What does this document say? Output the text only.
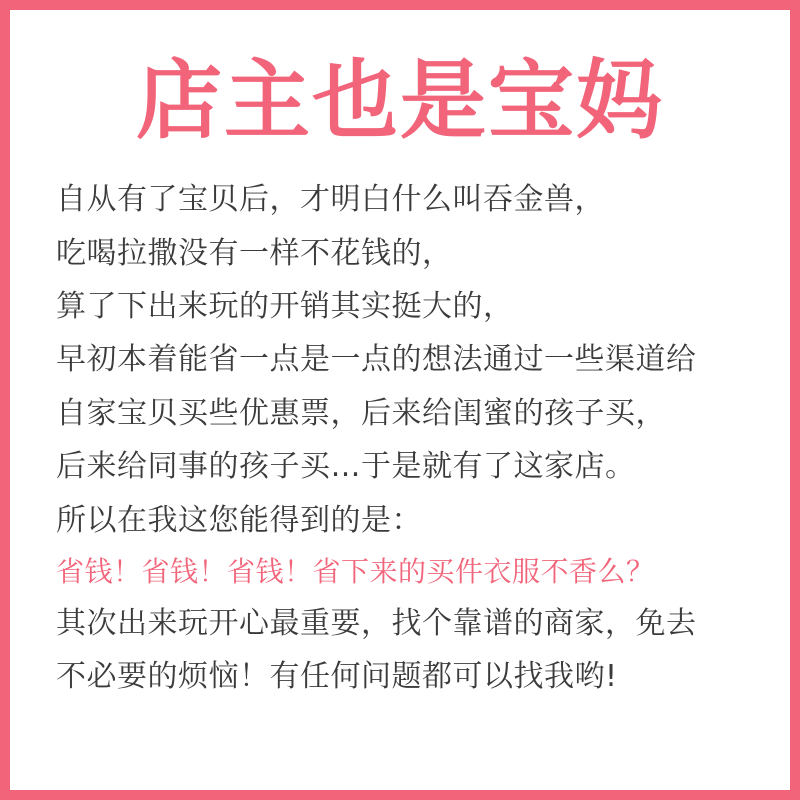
店主也是宝妈
自从有了宝贝后，才明白什么叫吞金兽，
吃喝拉撒没有一样不花钱的，
算了下出来玩的开销其实挺大的，
早初本着能省一点是一点的想法通过一些渠道给
自家宝贝买些优惠票，后来给闺蜜的孩子买，
后来给同事的孩子买…于是就有了这家店。
所以在我这您能得到的是：
省钱！省钱！省钱！省下来的买件衣服不香么？
其次出来玩开心最重要，找个靠谱的商家，免去
不必要的烦恼！有任何问题都可以找我哟!
